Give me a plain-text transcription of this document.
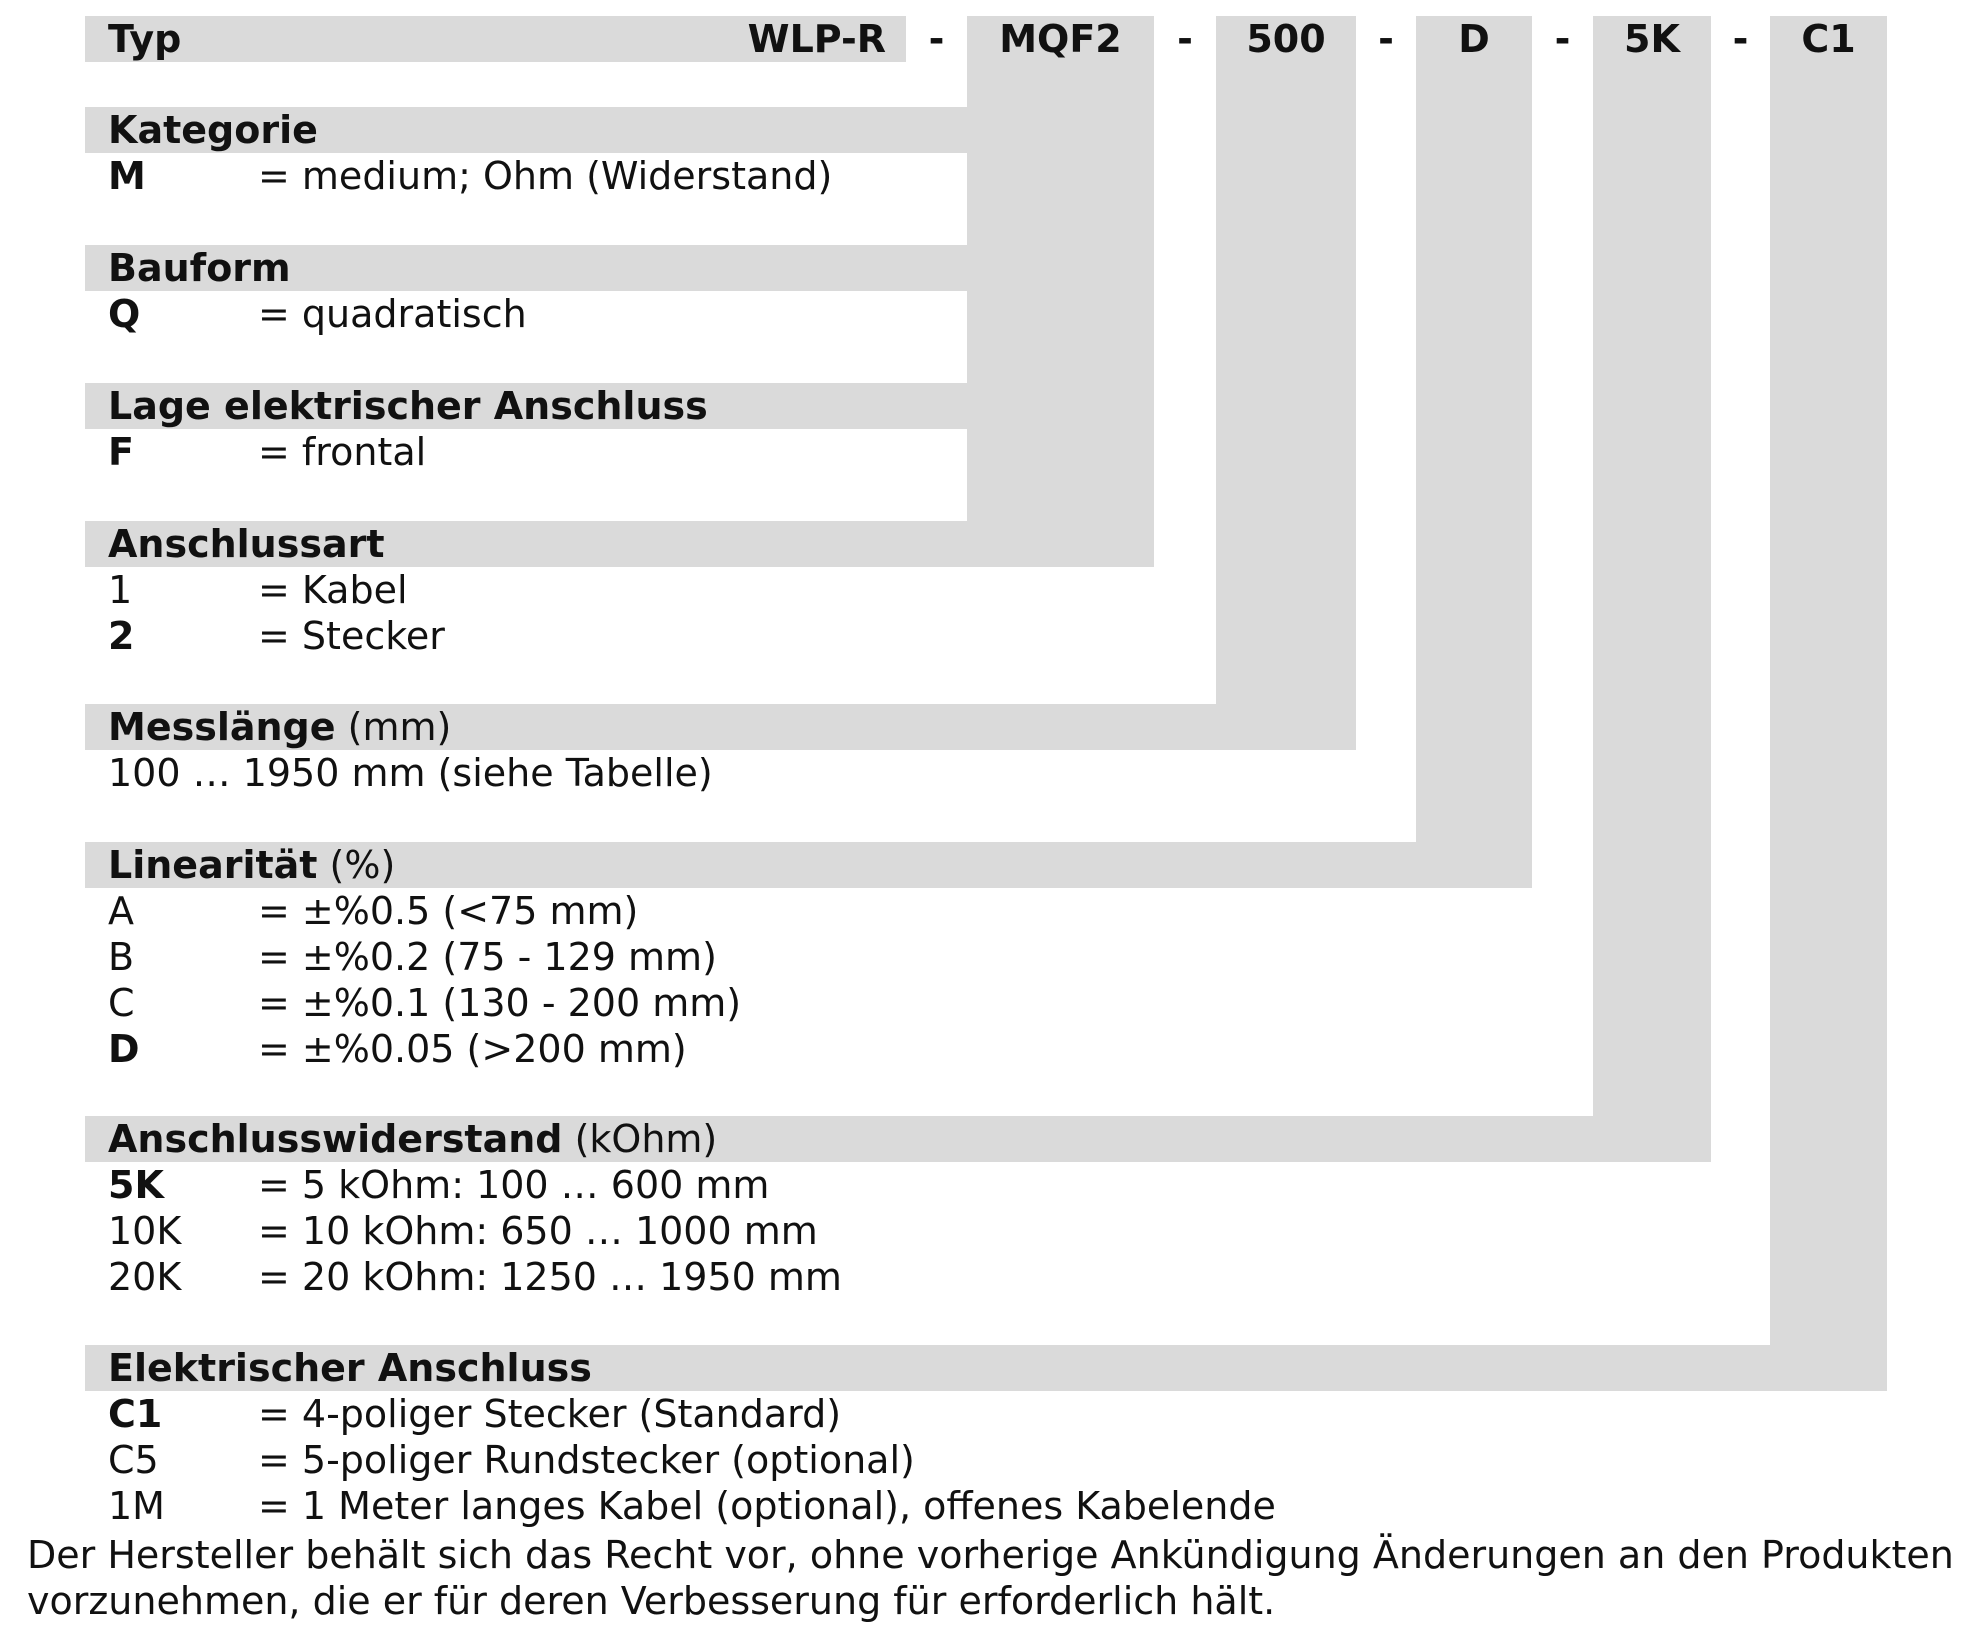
Typ	WLP-R	-	MQF2	-	500	-	D	-	5K	-	C1
Kategorie
M	= medium; Ohm (Widerstand)
Bauform
Q	= quadratisch
Lage elektrischer Anschluss
F	= frontal
Anschlussart
1	= Kabel
2	= Stecker
Messlänge (mm)
100 … 1950 mm (siehe Tabelle)
Linearität (%)
A	= ±%0.5 (<75 mm)
B	= ±%0.2 (75 - 129 mm)
C	= ±%0.1 (130 - 200 mm)
D	= ±%0.05 (>200 mm)
Anschlusswiderstand (kOhm)
5K = 5 kOhm: 100 … 600 mm
10K = 10 kOhm: 650 … 1000 mm
20K = 20 kOhm: 1250 … 1950 mm
Elektrischer Anschluss
C1	= 4-poliger Stecker (Standard)
C5	= 5-poliger Rundstecker (optional)
1M = 1 Meter langes Kabel (optional), offenes Kabelende
Der Hersteller behält sich das Recht vor, ohne vorherige Ankündigung Änderungen an den Produkten
vorzunehmen, die er für deren Verbesserung für erforderlich hält.
